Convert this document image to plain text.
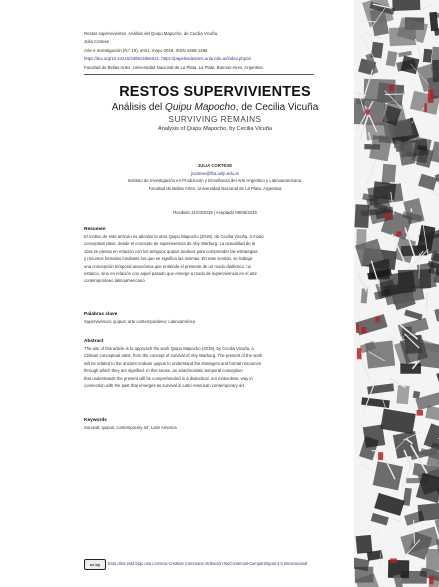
Restos supervivientes. Análisis del Quipu Mapocho, de Cecilia Vicuña.
Julia Cortese
Arte e Investigación (N.º 19), e021, mayo 2019. ISSN 2469-1488
https://doi.org/10.24215/24691488e021. https://papelesdeartes.unlp.edu.ar/index.php/ai
Facultad de Bellas Artes. Universidad Nacional de La Plata. La Plata. Buenos Aires. Argentina.
RESTOS SUPERVIVIENTES
Análisis del Quipu Mapocho, de Cecilia Vicuña
SURVIVING REMAINS
Analysis of Quipu Mapocho, by Cecilia Vicuña
JULIA CORTESE
jcortese@fba.unlp.edu.ar
Instituto de Investigación en Producción y Enseñanza del Arte Argentino y Latinoamericano.
Facultad de Bellas Artes. Universidad Nacional de La Plata. Argentina
Recibido 31/03/2019 | Aceptado 08/05/2019
Resumen
El motivo de este artículo es abordar la obra Quipu Mapocho (2018), de Cecilia Vicuña, a modo
conceptual clave, desde el concepto de supervivencia de Aby Warburg. La actualidad de la
obra se piensa en relación con los antiguos quipus andinos para comprender las estrategias
y recursos formales mediante los que se significa las mismas. En este sentido, se trabaja
una concepción temporal anacrónica que entiende el presente de un modo dialéctico, no
estanco, sino en relación con aquel pasado que emerge a modo de supervivencia en el arte
contemporáneo latinoamericano.
Palabras clave
Supervivencia; quipus; arte contemporáneo; Latinoamérica
Abstract
The aim of this article is to approach the work Quipu Mapocho (2018), by Cecilia Vicuña, a
Chilean conceptual artist, from the concept of survival of Aby Warburg. The present of the work
will be related to the ancient Andean quipus to understand the strategies and formal resources
through which they are signified. In this sense, an anachronistic temporal conception
that understands the present will be comprehended in a dialectical, not motionless, way in
connection with the past that emerges as survival in Latin American contemporary art.
Keywords
Survival; quipus; contemporary art; Latin America
cc by	Esta obra está bajo una Licencia Creative Commons Atribución-NoComercial-CompartirIgual 4.0 Internacional
